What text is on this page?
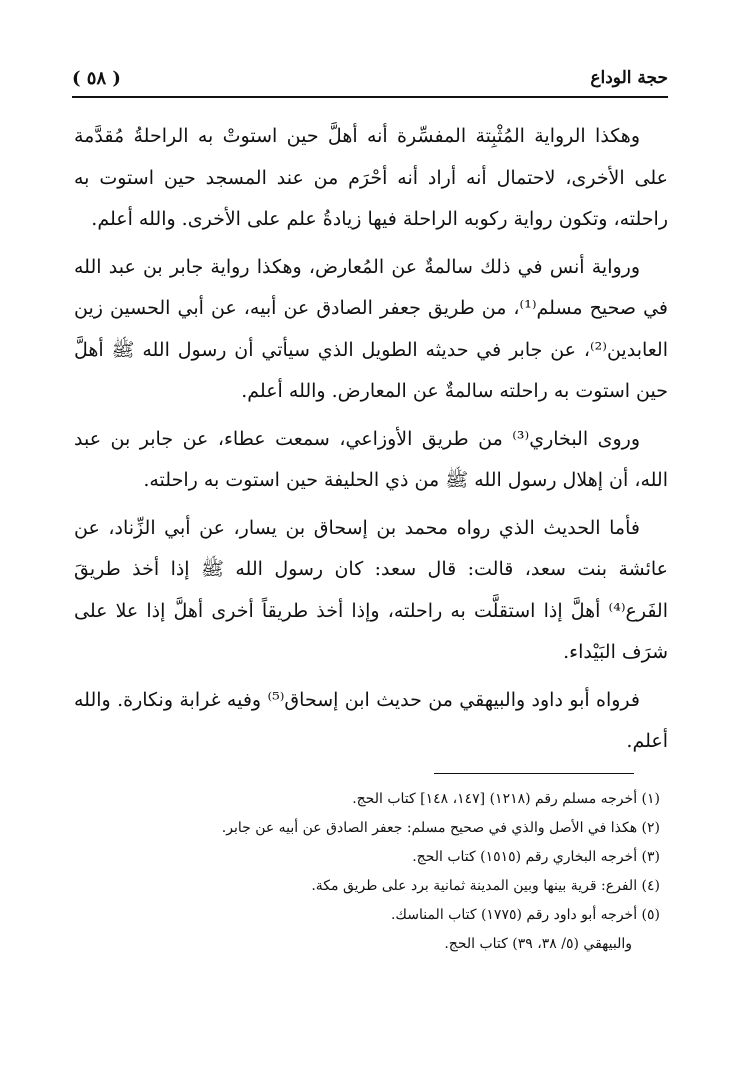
حجة الوداع
( ٥٨ )

وهكذا الرواية المُثْبِتة المفسِّرة أنه أهلَّ حين استوتْ به الراحلةُ مُقدَّمة على الأخرى، لاحتمال أنه أراد أنه أحْرَم من عند المسجد حين استوت به راحلته، وتكون رواية ركوبه الراحلة فيها زيادةُ علم على الأخرى. والله أعلم.

ورواية أنس في ذلك سالمةٌ عن المُعارض، وهكذا رواية جابر بن عبد الله في صحيح مسلم⁽¹⁾، من طريق جعفر الصادق عن أبيه، عن أبي الحسين زين العابدين⁽²⁾، عن جابر في حديثه الطويل الذي سيأتي أن رسول الله ﷺ أهلَّ حين استوت به راحلته سالمةٌ عن المعارض. والله أعلم.

وروى البخاري⁽³⁾ من طريق الأوزاعي، سمعت عطاء، عن جابر بن عبد الله، أن إهلال رسول الله ﷺ من ذي الحليفة حين استوت به راحلته.

فأما الحديث الذي رواه محمد بن إسحاق بن يسار، عن أبي الزِّناد، عن عائشة بنت سعد، قالت: قال سعد: كان رسول الله ﷺ إذا أخذ طريقَ الفَرع⁽⁴⁾ أهلَّ إذا استقلَّت به راحلته، وإذا أخذ طريقاً أخرى أهلَّ إذا علا على شرَف البَيْداء.

فرواه أبو داود والبيهقي من حديث ابن إسحاق⁽⁵⁾ وفيه غرابة ونكارة. والله أعلم.

(١) أخرجه مسلم رقم (١٢١٨) [١٤٧، ١٤٨] كتاب الحج.
(٢) هكذا في الأصل والذي في صحيح مسلم: جعفر الصادق عن أبيه عن جابر.
(٣) أخرجه البخاري رقم (١٥١٥) كتاب الحج.
(٤) الفرع: قرية بينها وبين المدينة ثمانية برد على طريق مكة.
(٥) أخرجه أبو داود رقم (١٧٧٥) كتاب المناسك.
والبيهقي (٥/ ٣٨، ٣٩) كتاب الحج.
